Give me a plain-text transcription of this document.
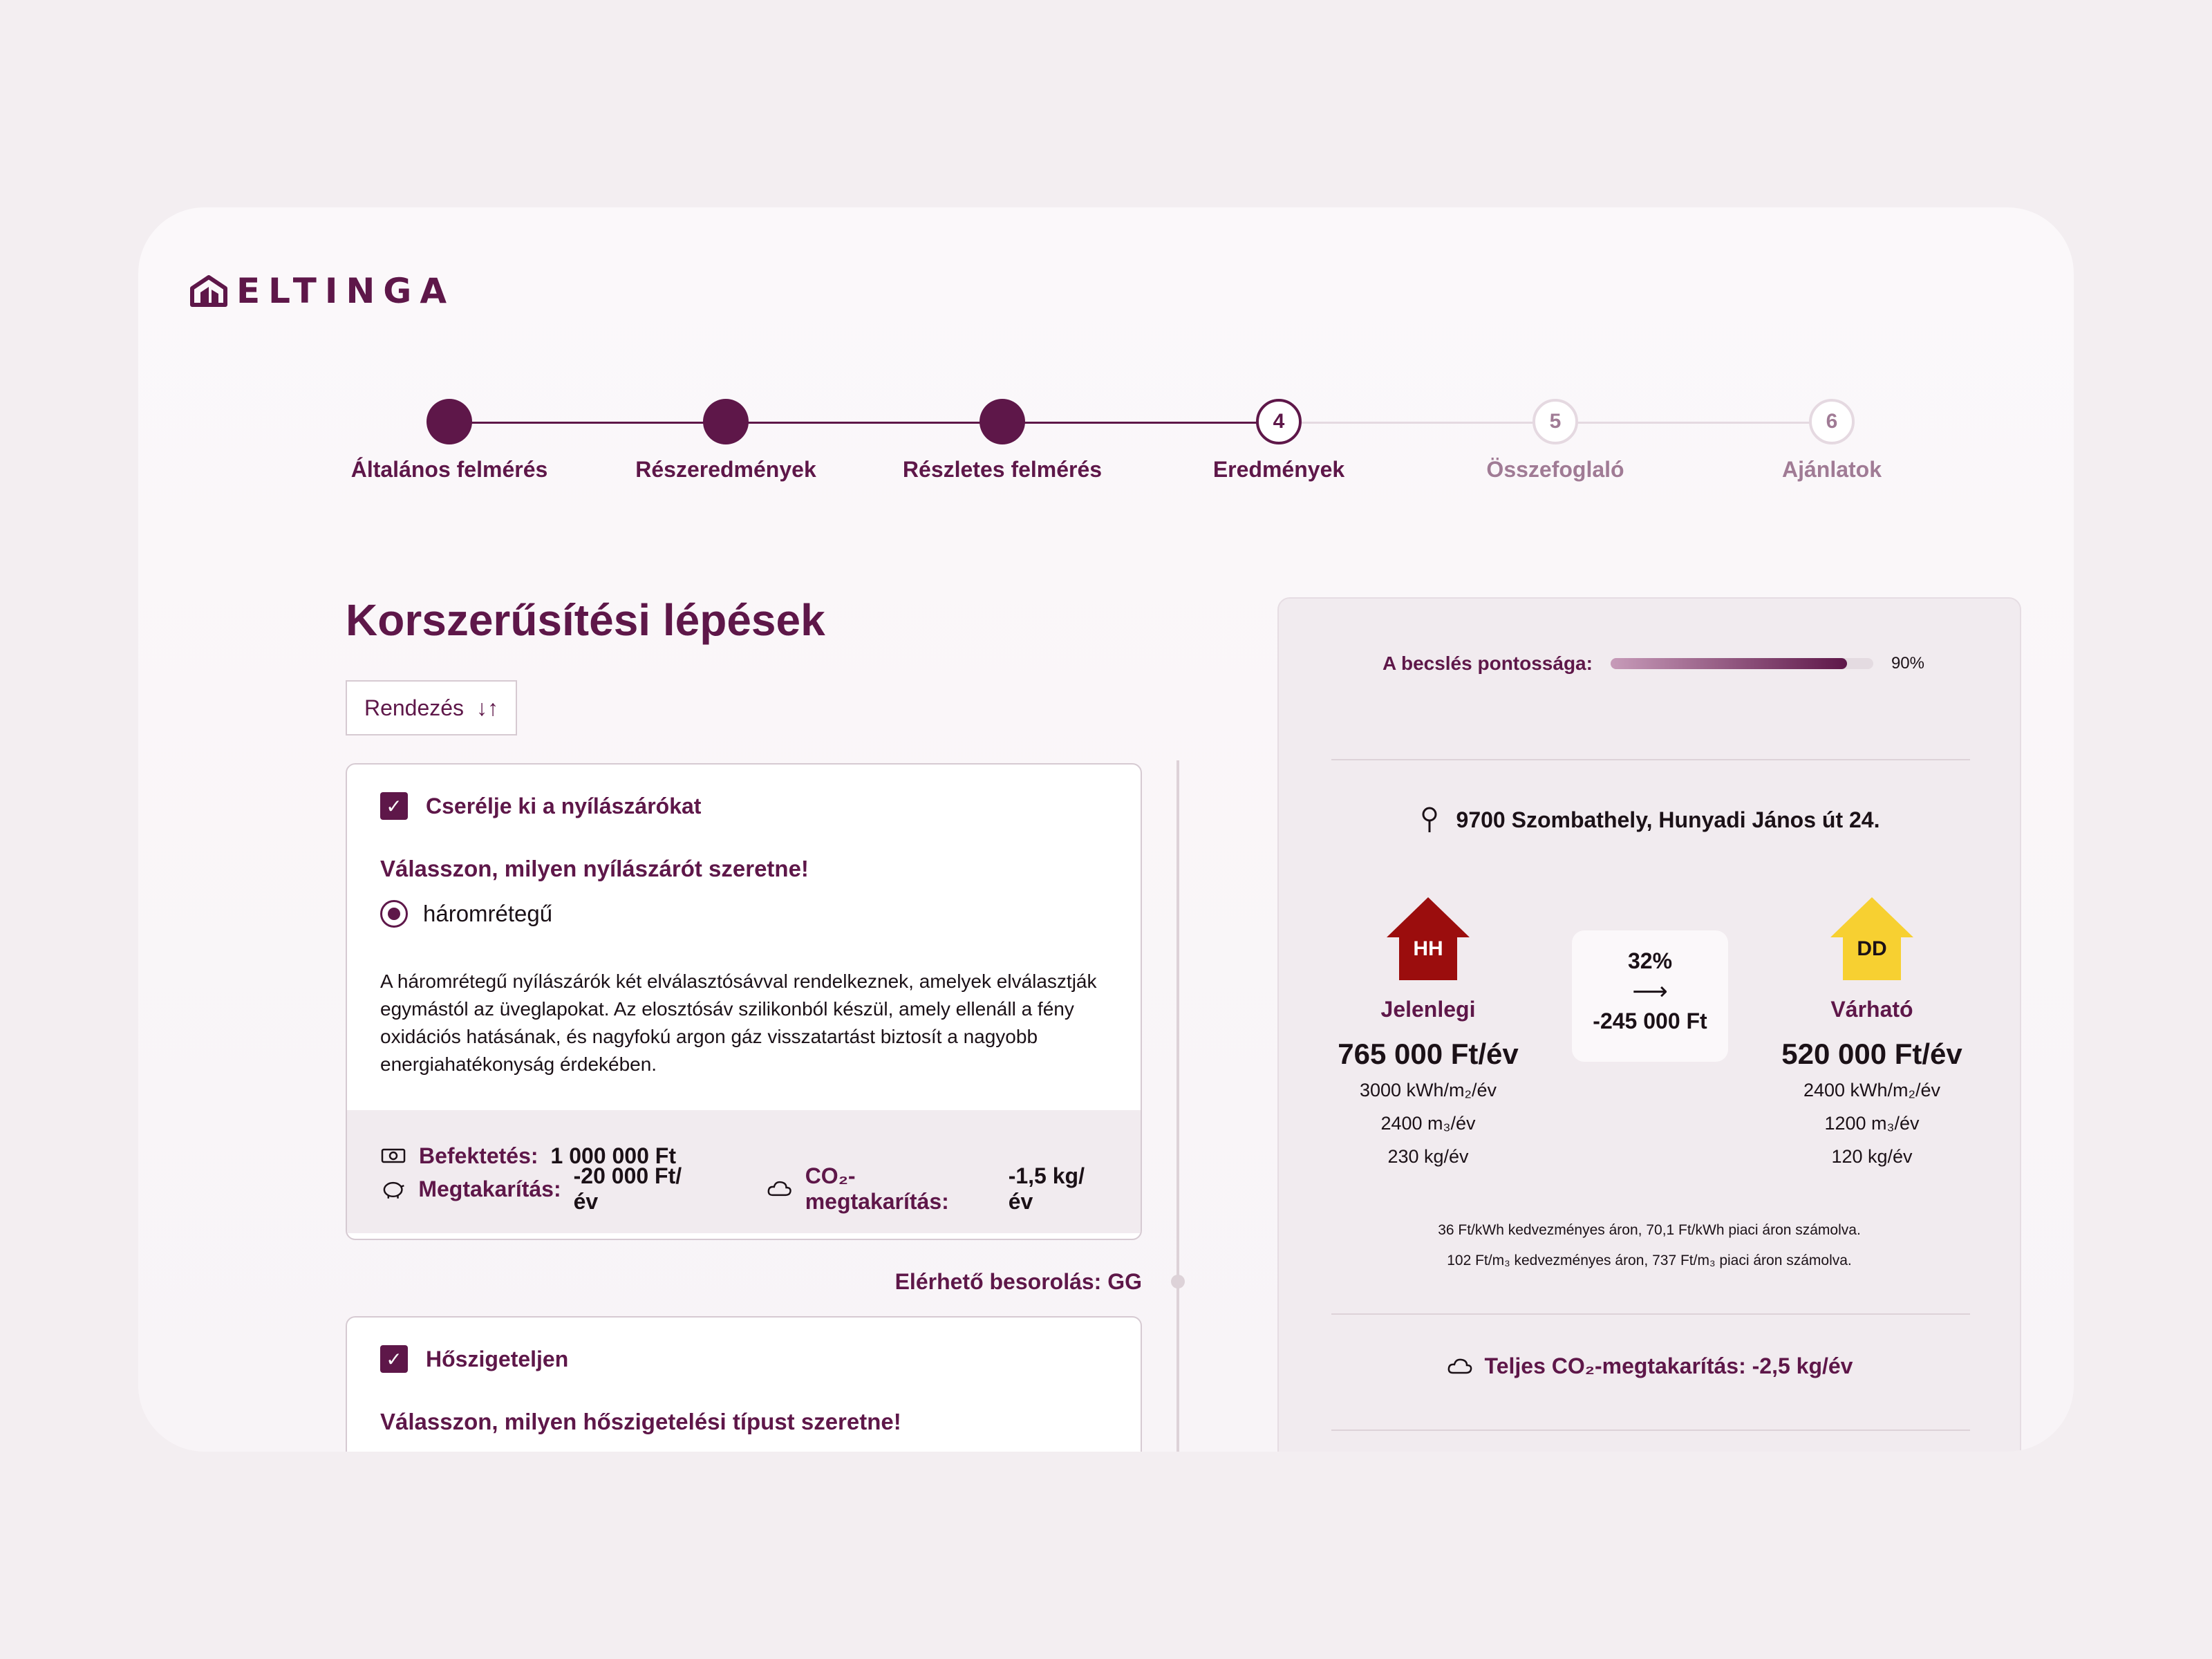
ELTINGA
Általános felmérés	Részeredmények	Részletes felmérés
4
Eredmények
5
Összefoglaló
6
Ajánlatok
Korszerűsítési lépések
Rendezés ↓↑
✓ Cserélje ki a nyílászárókat
Válasszon, milyen nyílászárót szeretne!
háromrétegű

A háromrétegű nyílászárók két elválasztósávval rendelkeznek, amelyek elválasztják egymástól az üveglapokat. Az elosztósáv szilikonból készül, amely ellenáll a fény oxidációs hatásának, és nagyfokú argon gáz visszatartást biztosít a nagyobb energiahatékonyság érdekében.

Befektetés: 1 000 000 Ft
Megtakarítás:
-20 000 Ft/év
CO₂-megtakarítás:
-1,5 kg/év
Elérhető besorolás: GG
✓ Hőszigeteljen
Válasszon, milyen hőszigetelési típust szeretne!
A becslés pontossága:	90%
9700 Szombathely, Hunyadi János út 24.
HH
Jelenlegi
765 000 Ft/év
3000 kWh/m₂/év
2400 m₃/év
230 kg/év
32%
⟶
-245 000 Ft
DD
Várható
520 000 Ft/év
2400 kWh/m₂/év
1200 m₃/év
120 kg/év
36 Ft/kWh kedvezményes áron, 70,1 Ft/kWh piaci áron számolva.
102 Ft/m₃ kedvezményes áron, 737 Ft/m₃ piaci áron számolva.
Teljes CO₂-megtakarítás: -2,5 kg/év
